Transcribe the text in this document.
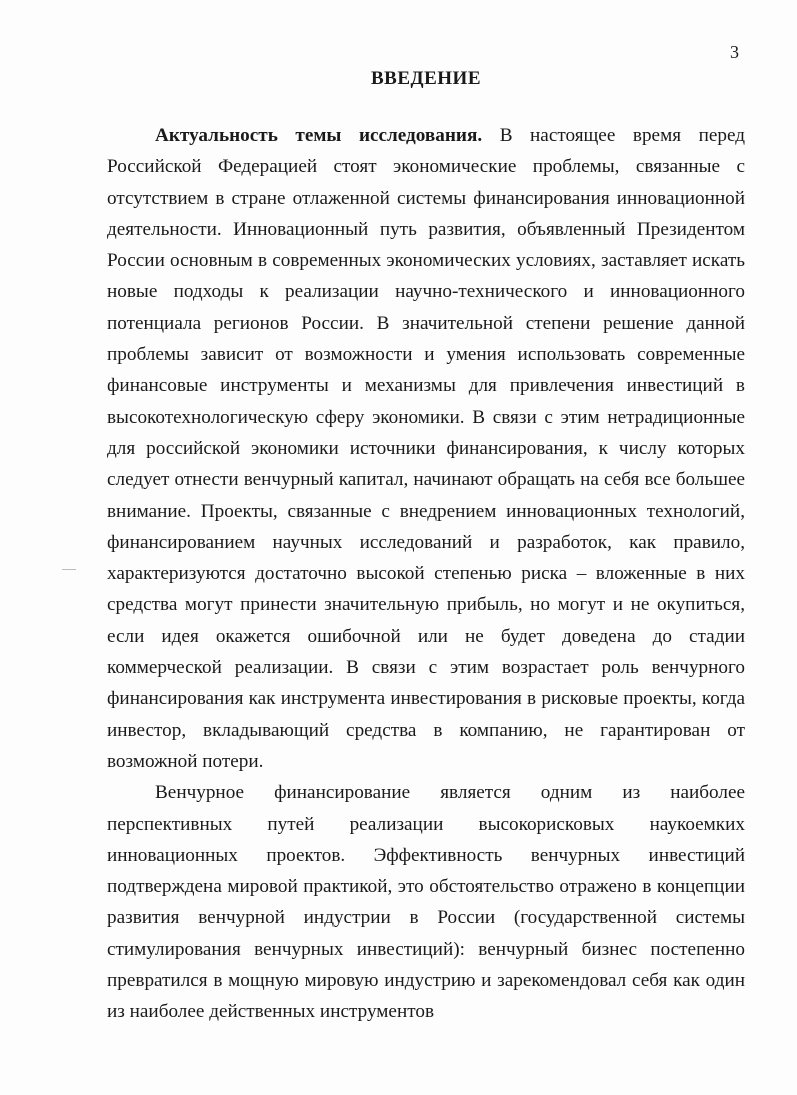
3
ВВЕДЕНИЕ

Актуальность темы исследования. В настоящее время перед Российской Федерацией стоят экономические проблемы, связанные с отсутствием в стране отлаженной системы финансирования инновационной деятельности. Инновационный путь развития, объявленный Президентом России основным в современных экономических условиях, заставляет искать новые подходы к реализации научно-технического и инновационного потенциала регионов России. В значительной степени решение данной проблемы зависит от возможности и умения использовать современные финансовые инструменты и механизмы для привлечения инвестиций в высокотехнологическую сферу экономики. В связи с этим нетрадиционные для российской экономики источники финансирования, к числу которых следует отнести венчурный капитал, начинают обращать на себя все большее внимание. Проекты, связанные с внедрением инновационных технологий, финансированием научных исследований и разработок, как правило, характеризуются достаточно высокой степенью риска – вложенные в них средства могут принести значительную прибыль, но могут и не окупиться, если идея окажется ошибочной или не будет доведена до стадии коммерческой реализации. В связи с этим возрастает роль венчурного финансирования как инструмента инвестирования в рисковые проекты, когда инвестор, вкладывающий средства в компанию, не гарантирован от возможной потери.

Венчурное финансирование является одним из наиболее перспективных путей реализации высокорисковых наукоемких инновационных проектов. Эффективность венчурных инвестиций подтверждена мировой практикой, это обстоятельство отражено в концепции развития венчурной индустрии в России (государственной системы стимулирования венчурных инвестиций): венчурный бизнес постепенно превратился в мощную мировую индустрию и зарекомендовал себя как один из наиболее действенных инструментов
